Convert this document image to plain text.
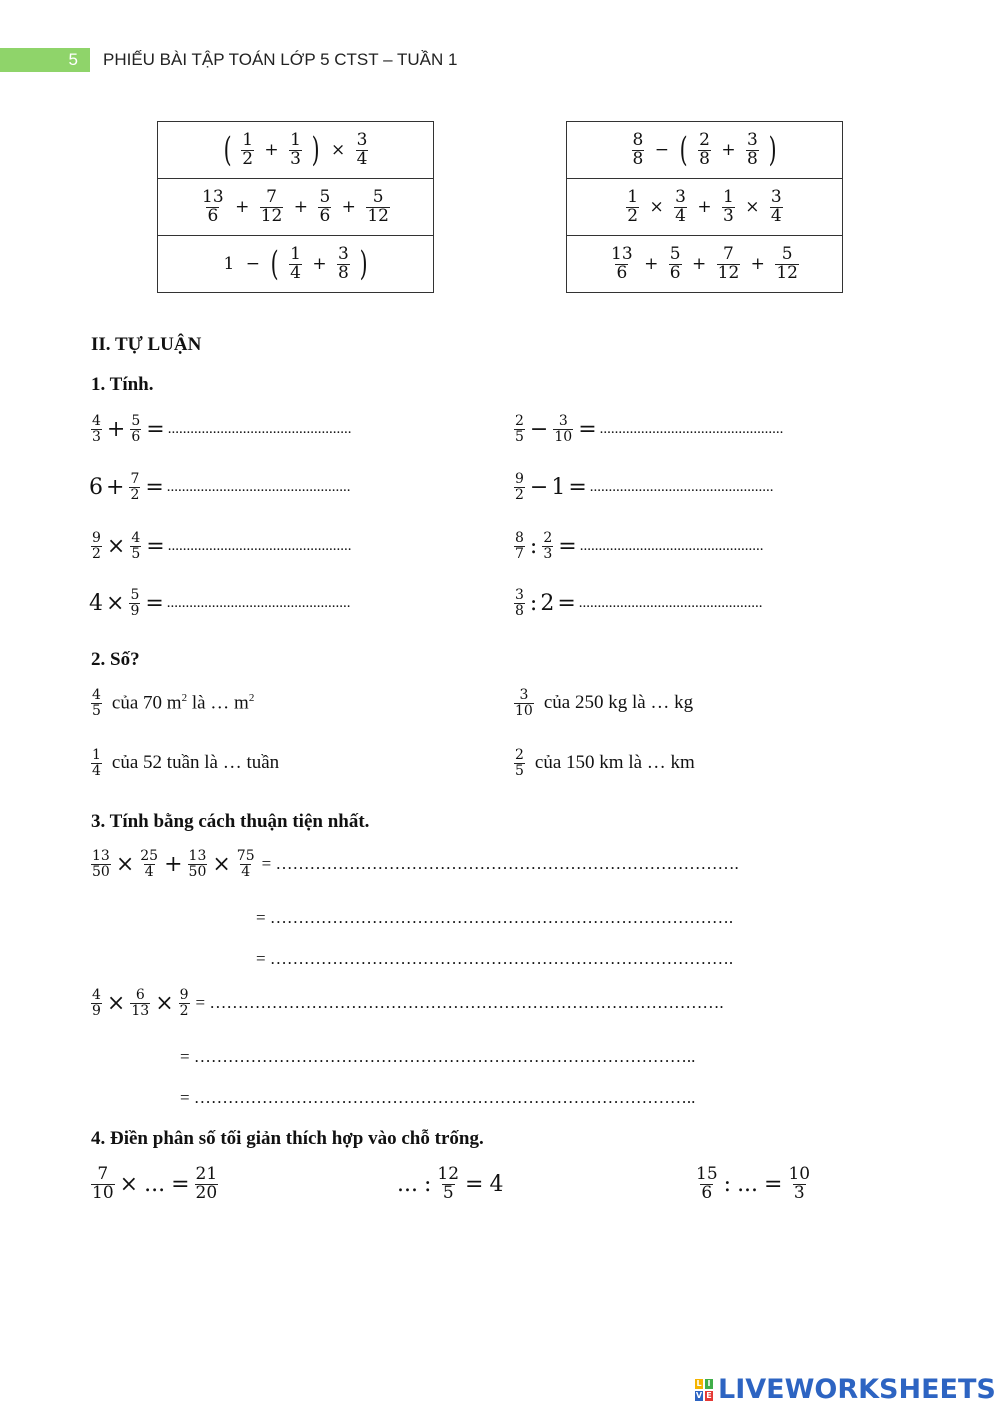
5	PHIẾU BÀI TẬP TOÁN LỚP 5 CTST – TUẦN 1
( $\frac{1}{2} + \frac{1}{3}$ ) × $\frac{3}{4}$

$\frac{13}{6} + \frac{7}{12} + \frac{5}{6} + \frac{5}{12}$

1 − ( $\frac{1}{4} + \frac{3}{8}$ )
$\frac{8}{8}$ − ( $\frac{2}{8} + \frac{3}{8}$ )

$\frac{1}{2} \times \frac{3}{4} + \frac{1}{3} \times \frac{3}{4}$

$\frac{13}{6} + \frac{5}{6} + \frac{7}{12} + \frac{5}{12}$
II. TỰ LUẬN
1. Tính.
$\frac{4}{3} + \frac{5}{6}$ = .................................................	$\frac{2}{5} - \frac{3}{10}$ = .................................................
$6 + \frac{7}{2}$ = .................................................	$\frac{9}{2} - 1$ = .................................................
$\frac{9}{2} \times \frac{4}{5}$ = .................................................	$\frac{8}{7}$ : $\frac{2}{3}$ = .................................................
$4 \times \frac{5}{9}$ = .................................................	$\frac{3}{8}$ : 2 = .................................................
2. Số?
$\frac{4}{5}$ của 70 $m^2$ là … $m^2$	$\frac{3}{10}$ của 250 kg là … kg
$\frac{1}{4}$ của 52 tuần là … tuần	$\frac{2}{5}$ của 150 km là … km
3. Tính bằng cách thuận tiện nhất.
$\frac{13}{50} \times \frac{25}{4} + \frac{13}{50} \times \frac{75}{4}$ = ……………………………………………………………………….
= ……………………………………………………………………….
= ……………………………………………………………………….
$\frac{4}{9} \times \frac{6}{13} \times \frac{9}{2}$ = ……………………………………………………………………………….
= ……………………………………………………………………………..
= ……………………………………………………………………………..
4. Điền phân số tối giản thích hợp vào chỗ trống.
$\frac{7}{10}$ × ... = $\frac{21}{20}$	... : $\frac{12}{5} = 4$	$\frac{15}{6}$ : ... = $\frac{10}{3}$
L I
V E LIVEWORKSHEETS
